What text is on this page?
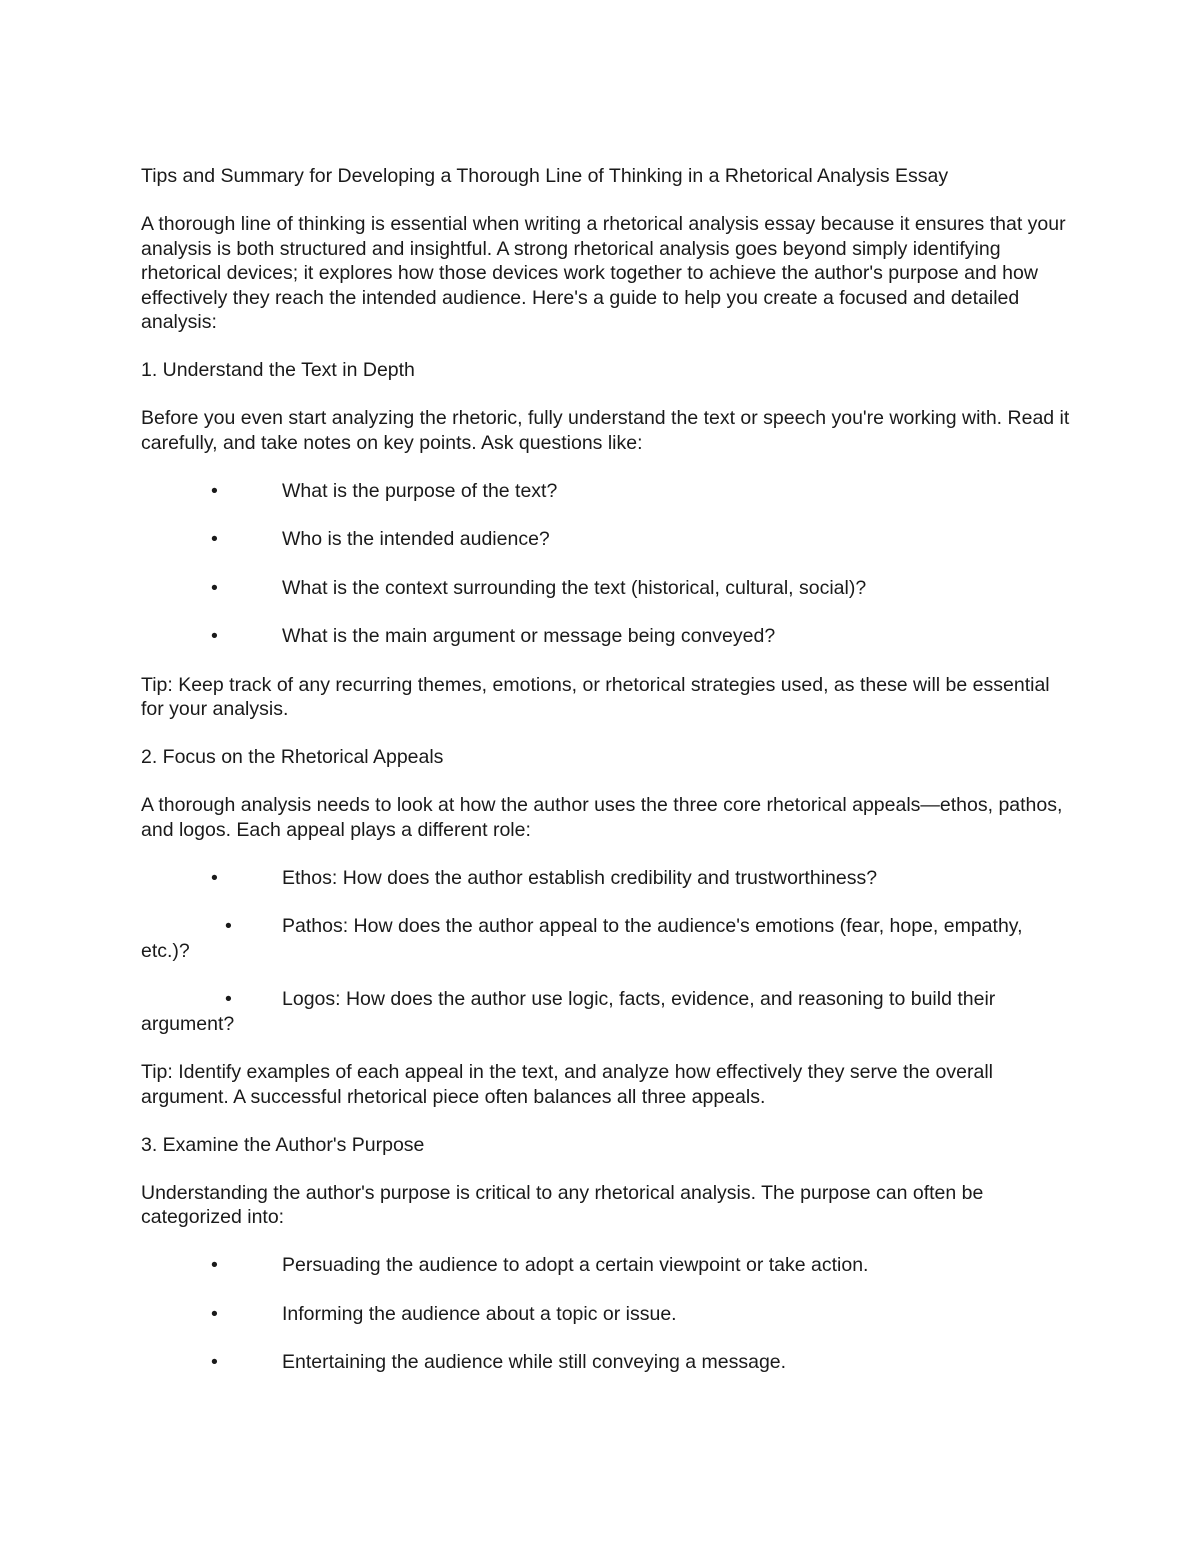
Tips and Summary for Developing a Thorough Line of Thinking in a Rhetorical Analysis Essay

A thorough line of thinking is essential when writing a rhetorical analysis essay because it ensures that your analysis is both structured and insightful. A strong rhetorical analysis goes beyond simply identifying rhetorical devices; it explores how those devices work together to achieve the author's purpose and how effectively they reach the intended audience. Here's a guide to help you create a focused and detailed analysis:

1. Understand the Text in Depth

Before you even start analyzing the rhetoric, fully understand the text or speech you're working with. Read it carefully, and take notes on key points. Ask questions like:

•	What is the purpose of the text?
•	Who is the intended audience?
•	What is the context surrounding the text (historical, cultural, social)?
•	What is the main argument or message being conveyed?

Tip: Keep track of any recurring themes, emotions, or rhetorical strategies used, as these will be essential for your analysis.

2. Focus on the Rhetorical Appeals

A thorough analysis needs to look at how the author uses the three core rhetorical appeals—ethos, pathos, and logos. Each appeal plays a different role:

•	Ethos: How does the author establish credibility and trustworthiness?
•	Pathos: How does the author appeal to the audience's emotions (fear, hope, empathy, etc.)?
•	Logos: How does the author use logic, facts, evidence, and reasoning to build their argument?

Tip: Identify examples of each appeal in the text, and analyze how effectively they serve the overall argument. A successful rhetorical piece often balances all three appeals.

3. Examine the Author's Purpose

Understanding the author's purpose is critical to any rhetorical analysis. The purpose can often be categorized into:

•	Persuading the audience to adopt a certain viewpoint or take action.
•	Informing the audience about a topic or issue.
•	Entertaining the audience while still conveying a message.
